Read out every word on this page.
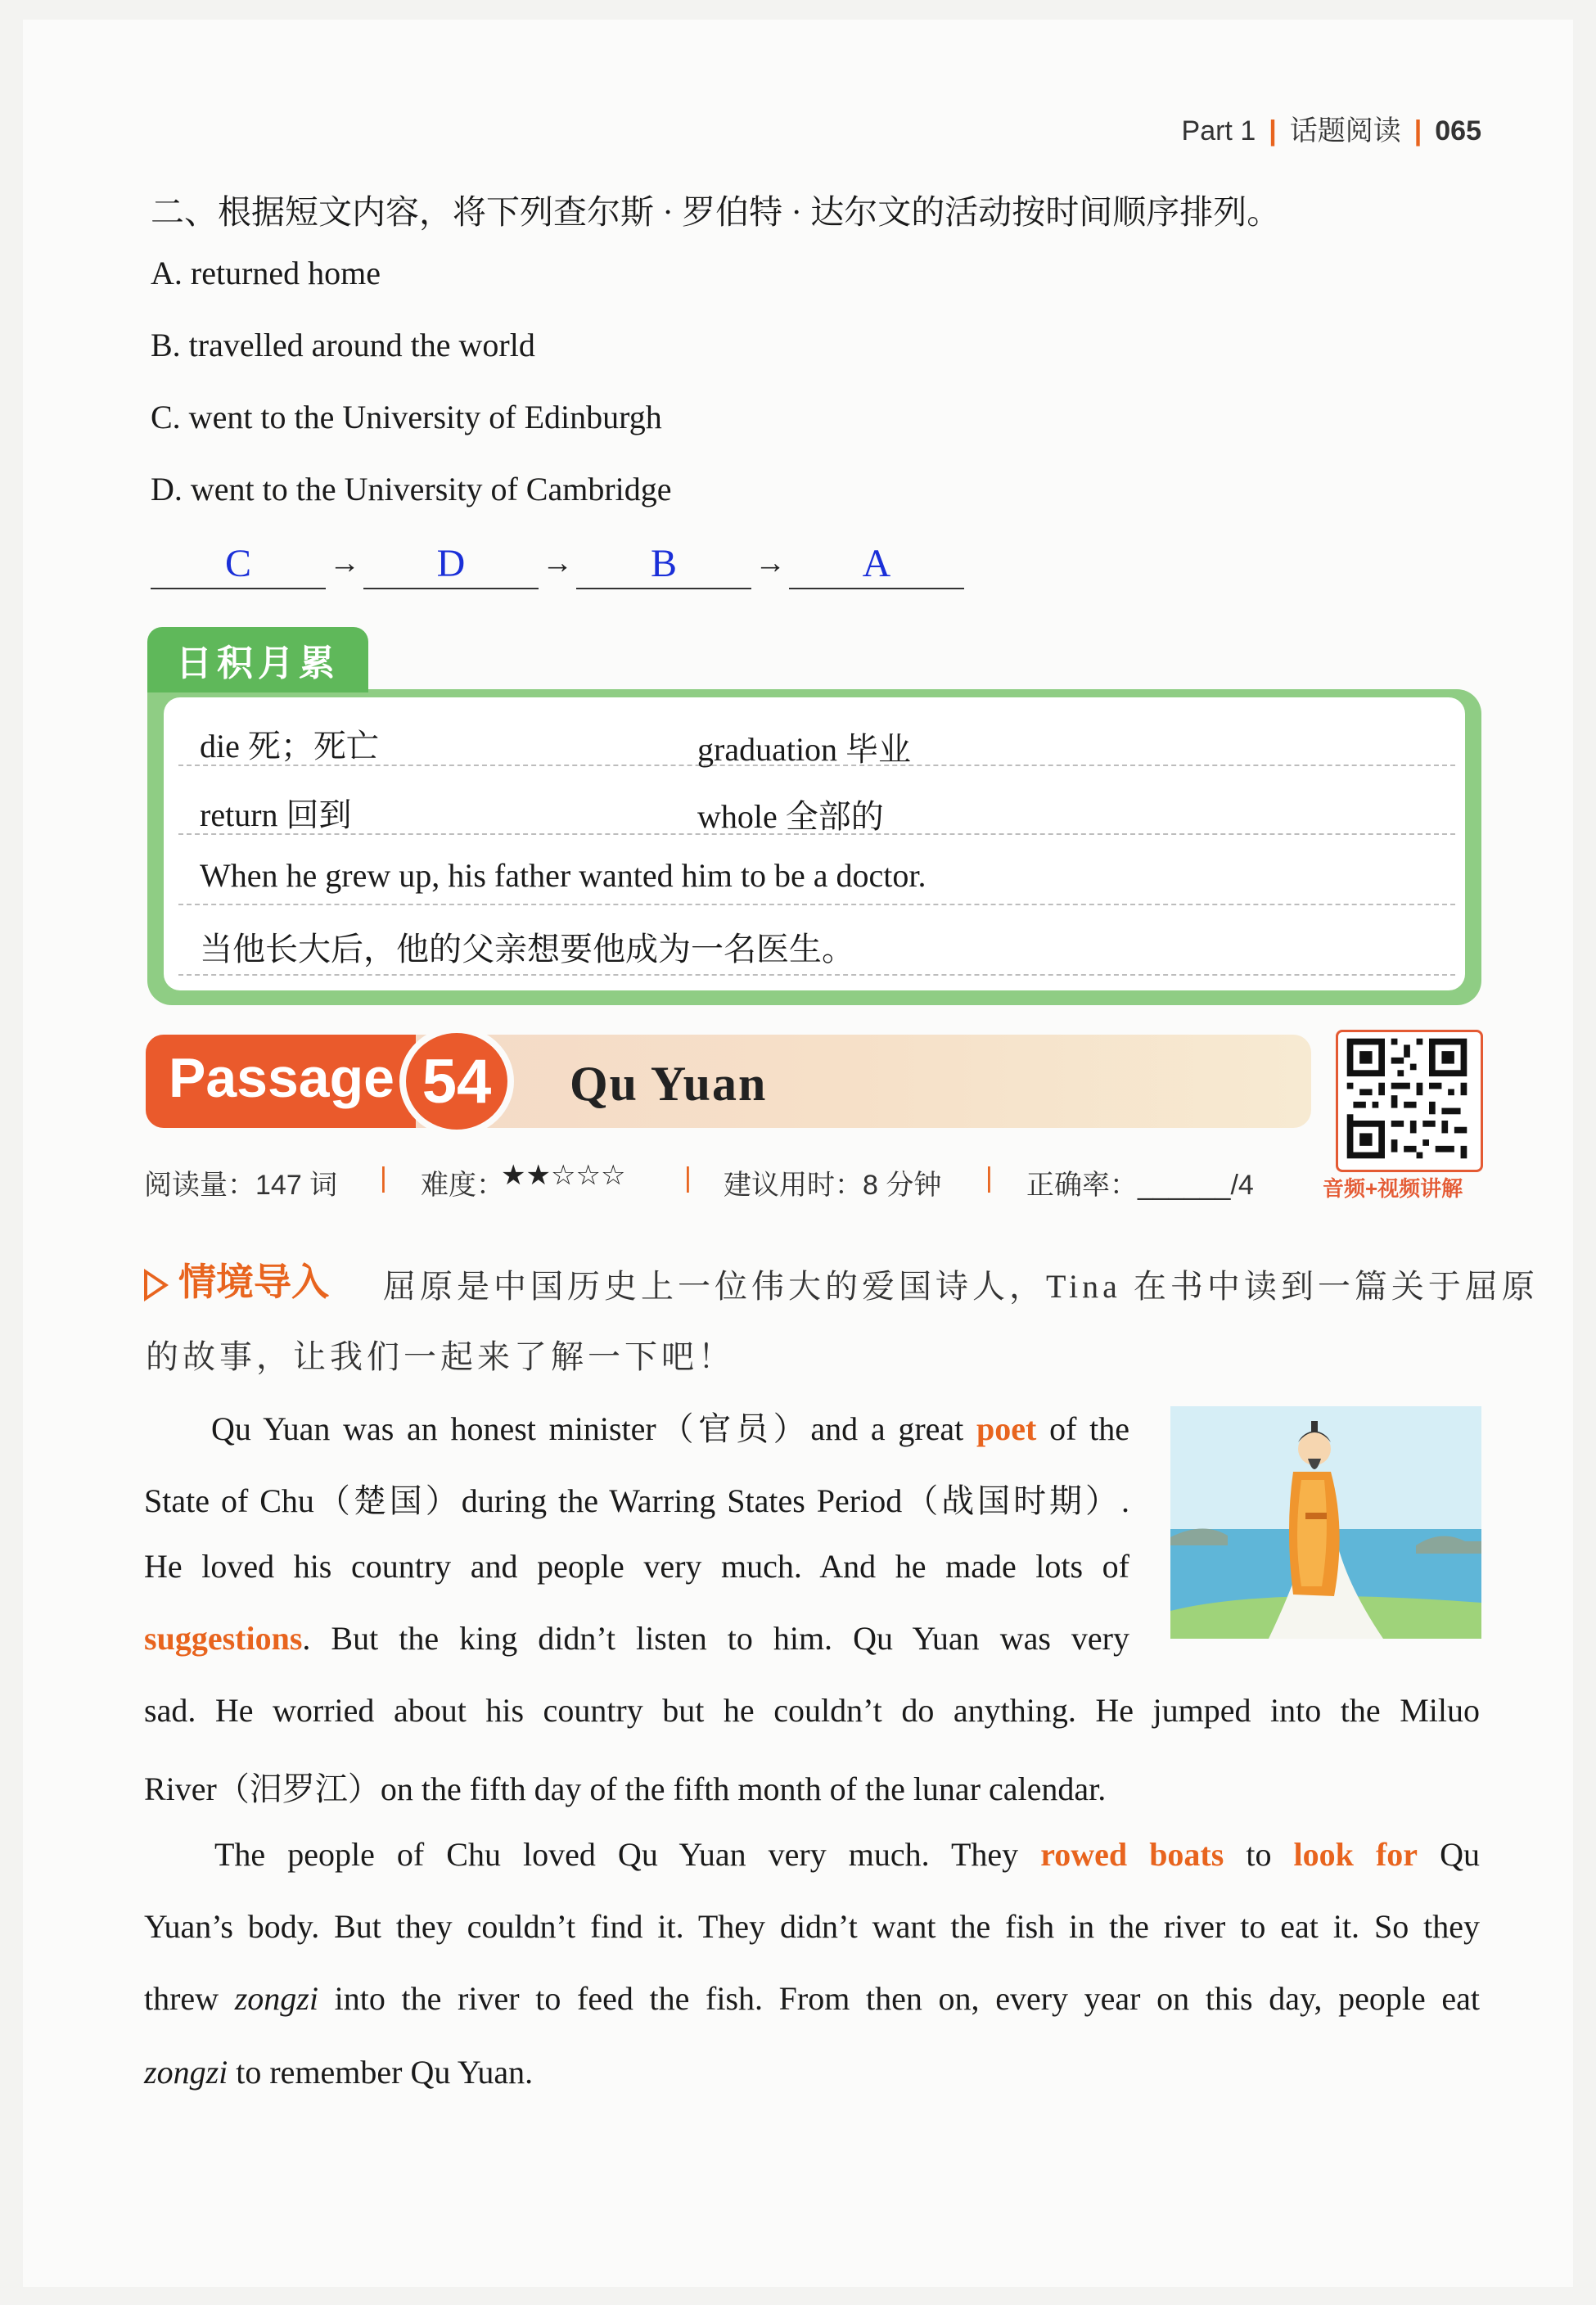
Part 1 | 话题阅读 | 065
二、根据短文内容，将下列查尔斯 · 罗伯特 · 达尔文的活动按时间顺序排列。
A. returned home
B. travelled around the world
C. went to the University of Edinburgh
D. went to the University of Cambridge
C	→	D	→	B	→	A
日积月累
die 死；死亡	graduation 毕业
return 回到	whole 全部的
When he grew up, his father wanted him to be a doctor.
当他长大后，他的父亲想要他成为一名医生。
Passage 54	Qu Yuan
音频+视频讲解
阅读量：147 词 | 难度：
★★☆☆☆ | 建议用时：8 分钟 | 正确率：______/4
情境导入 屈原是中国历史上一位伟大的爱国诗人，Tina 在书中读到一篇关于屈原
的故事，让我们一起来了解一下吧！
Qu Yuan was an honest minister（官员）and a great poet of the
State of Chu（楚国）during the Warring States Period（战国时期）.
He loved his country and people very much. And he made lots of
suggestions. But the king didn’t listen to him. Qu Yuan was very
sad. He worried about his country but he couldn’t do anything. He jumped into the Miluo
River（汨罗江）on the fifth day of the fifth month of the lunar calendar.
The people of Chu loved Qu Yuan very much. They rowed boats to look for Qu
Yuan’s body. But they couldn’t find it. They didn’t want the fish in the river to eat it. So they
threw zongzi into the river to feed the fish. From then on, every year on this day, people eat
zongzi to remember Qu Yuan.
